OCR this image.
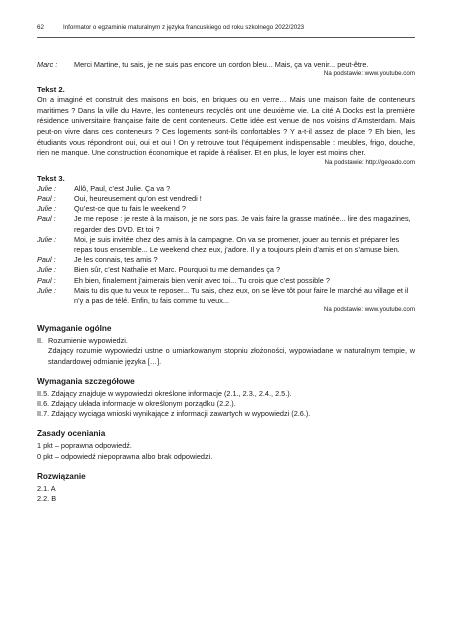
62	Informator o egzaminie maturalnym z języka francuskiego od roku szkolnego 2022/2023
Marc :	Merci Martine, tu sais, je ne suis pas encore un cordon bleu... Mais, ça va venir... peut-être.
Na podstawie: www.youtube.com
Tekst 2.
On a imaginé et construit des maisons en bois, en briques ou en verre… Mais une maison faite de conteneurs maritimes ? Dans la ville du Havre, les conteneurs recyclés ont une deuxième vie. La cité A Docks est la première résidence universitaire française faite de cent conteneurs. Cette idée est venue de nos voisins d’Amsterdam. Mais peut-on vivre dans ces conteneurs ? Ces logements sont-ils confortables ? Y a-t-il assez de place ? Eh bien, les étudiants vous répondront oui, oui et oui ! On y retrouve tout l’équipement indispensable : meubles, frigo, douche, rien ne manque. Une construction économique et rapide à réaliser. Et en plus, le loyer est moins cher.
Na podstawie: http://geoado.com
Tekst 3.
Julie :	Allô, Paul, c’est Julie. Ça va ?
Paul :	Oui, heureusement qu’on est vendredi !
Julie :	Qu’est-ce que tu fais le weekend ?
Paul :	Je me repose : je reste à la maison, je ne sors pas. Je vais faire la grasse matinée... lire des magazines, regarder des DVD. Et toi ?
Julie :	Moi, je suis invitée chez des amis à la campagne. On va se promener, jouer au tennis et préparer les repas tous ensemble... Le weekend chez eux, j’adore. Il y a toujours plein d’amis et on s’amuse bien.
Paul :	Je les connais, tes amis ?
Julie :	Bien sûr, c’est Nathalie et Marc. Pourquoi tu me demandes ça ?
Paul :	Eh bien, finalement j’aimerais bien venir avec toi... Tu crois que c’est possible ?
Julie :	Mais tu dis que tu veux te reposer... Tu sais, chez eux, on se lève tôt pour faire le marché au village et il n’y a pas de télé. Enfin, tu fais comme tu veux...
Na podstawie: www.youtube.com
Wymaganie ogólne
II. Rozumienie wypowiedzi.
Zdający rozumie wypowiedzi ustne o umiarkowanym stopniu złożoności, wypowiadane w naturalnym tempie, w standardowej odmianie języka […].
Wymagania szczegółowe
II.5. Zdający znajduje w wypowiedzi określone informacje (2.1., 2.3., 2.4., 2.5.).
II.6. Zdający układa informacje w określonym porządku (2.2.).
II.7. Zdający wyciąga wnioski wynikające z informacji zawartych w wypowiedzi (2.6.).
Zasady oceniania
1 pkt – poprawna odpowiedź.
0 pkt – odpowiedź niepoprawna albo brak odpowiedzi.
Rozwiązanie
2.1. A
2.2. B
